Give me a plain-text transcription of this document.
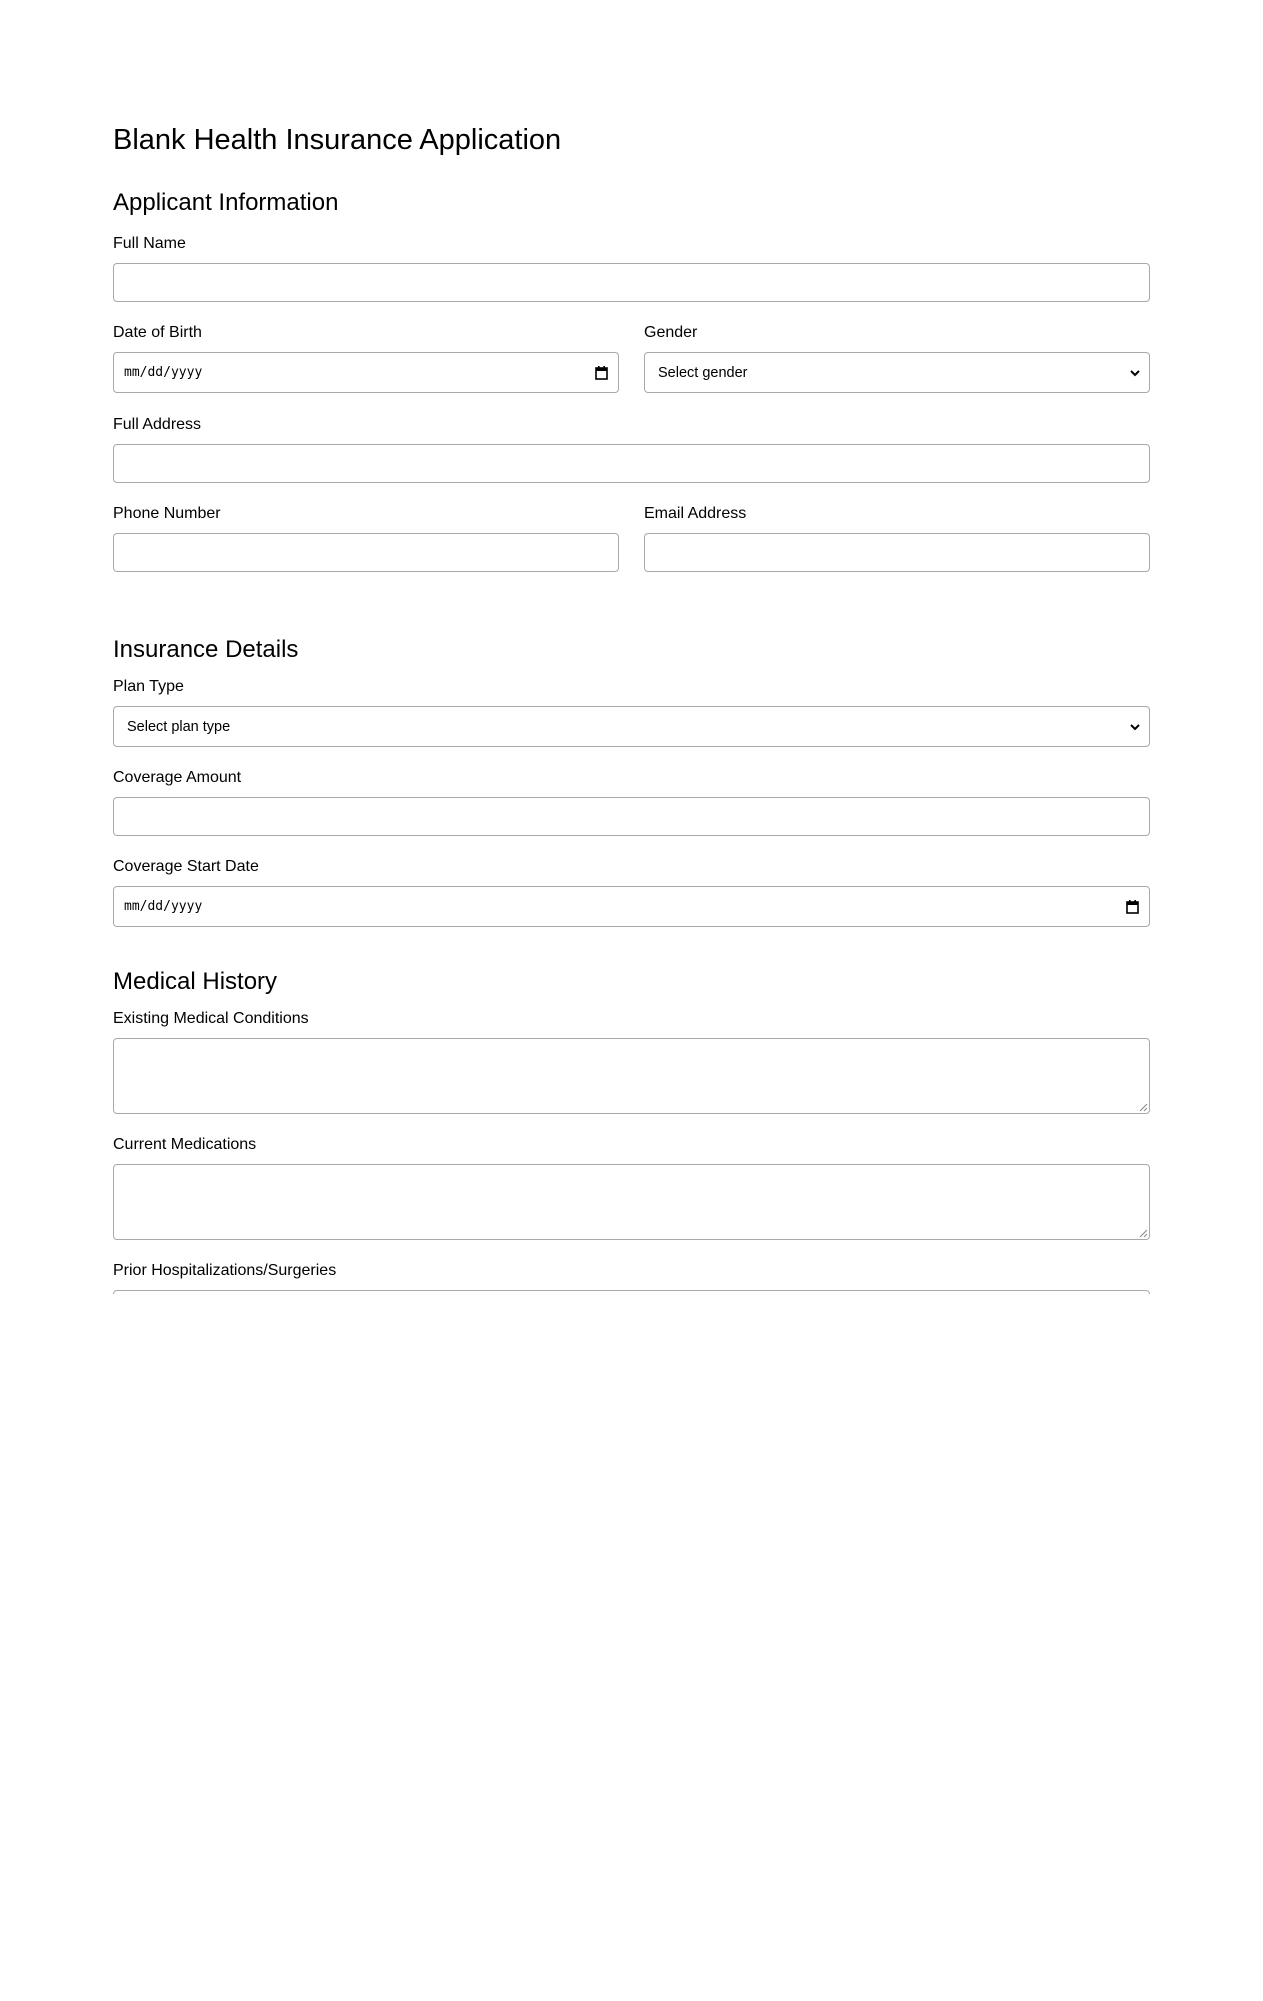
Blank Health Insurance Application
Applicant Information
Full Name
Date of Birth
mm/dd/yyyy
Gender
Select gender
Full Address
Phone Number	Email Address
Insurance Details
Plan Type
Select plan type
Coverage Amount
Coverage Start Date
mm/dd/yyyy
Medical History
Existing Medical Conditions
Current Medications
Prior Hospitalizations/Surgeries
